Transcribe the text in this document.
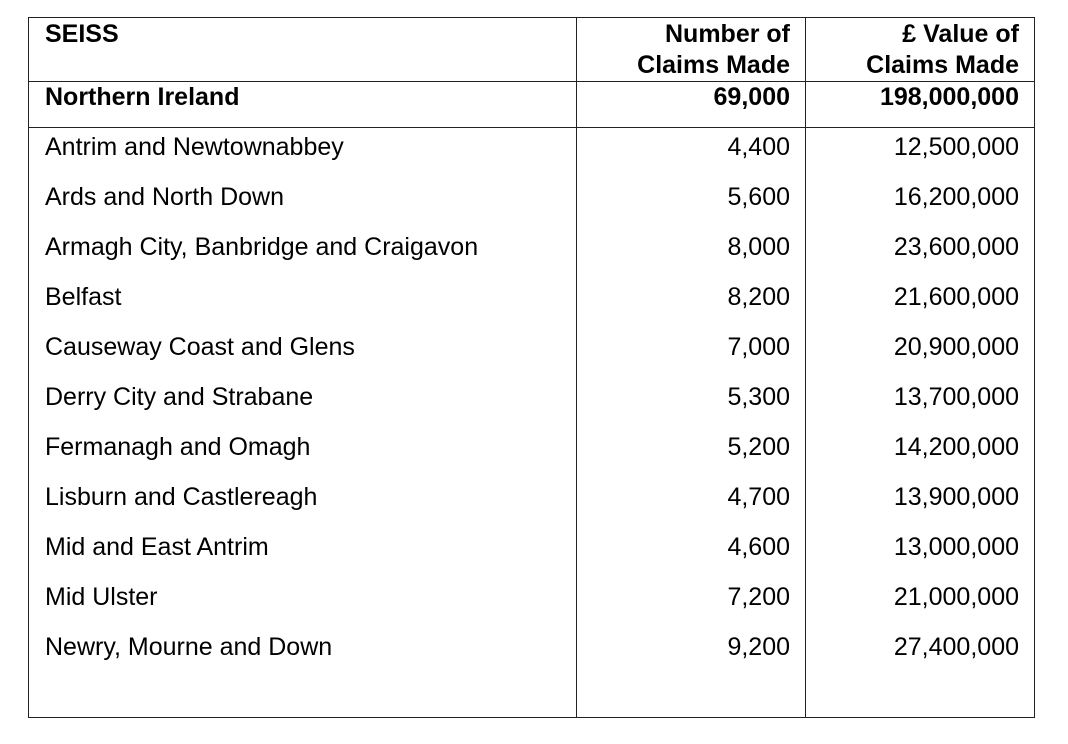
SEISS	Number of Claims Made	£ Value of Claims Made
Northern Ireland	69,000	198,000,000
Antrim and Newtownabbey	4,400	12,500,000
Ards and North Down	5,600	16,200,000
Armagh City, Banbridge and Craigavon	8,000	23,600,000
Belfast	8,200	21,600,000
Causeway Coast and Glens	7,000	20,900,000
Derry City and Strabane	5,300	13,700,000
Fermanagh and Omagh	5,200	14,200,000
Lisburn and Castlereagh	4,700	13,900,000
Mid and East Antrim	4,600	13,000,000
Mid Ulster	7,200	21,000,000
Newry, Mourne and Down	9,200	27,400,000
